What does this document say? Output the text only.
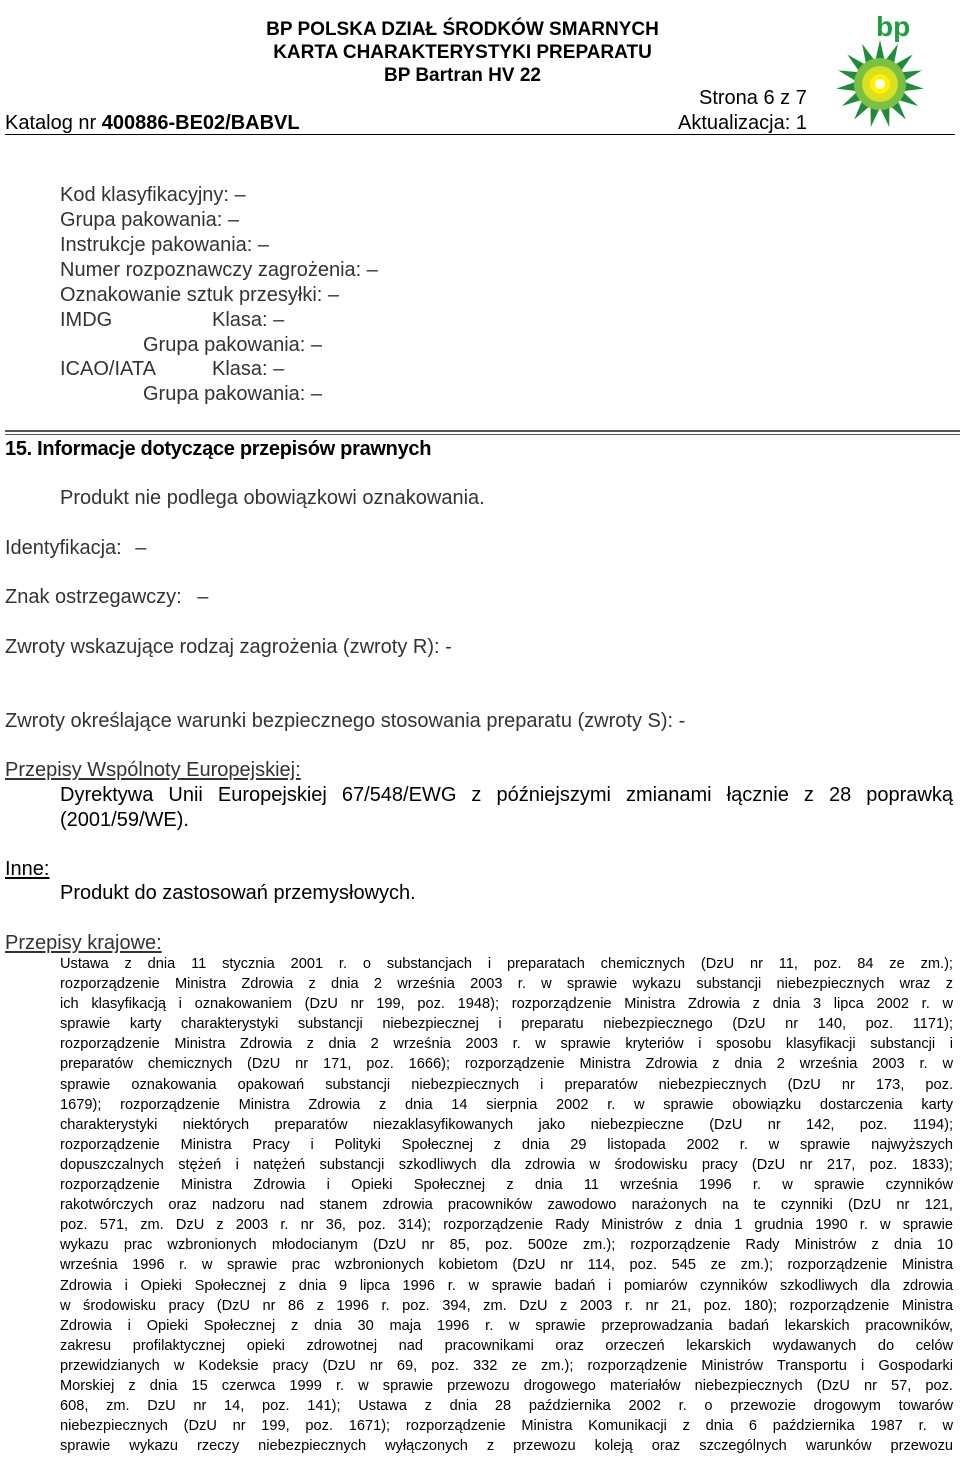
BP POLSKA DZIAŁ ŚRODKÓW SMARNYCH
KARTA CHARAKTERYSTYKI PREPARATU
BP Bartran HV 22
Strona 6 z 7
Katalog nr 400886-BE02/BABVL	Aktualizacja: 1
bp
Kod klasyfikacyjny: –
Grupa pakowania: –
Instrukcje pakowania: –
Numer rozpoznawczy zagrożenia: –
Oznakowanie sztuk przesyłki: –
IMDG	Klasa: –
Grupa pakowania: –
ICAO/IATA	Klasa: –
Grupa pakowania: –
15. Informacje dotyczące przepisów prawnych
Produkt nie podlega obowiązkowi oznakowania.
Identyfikacja: –
Znak ostrzegawczy: –
Zwroty wskazujące rodzaj zagrożenia (zwroty R): -
Zwroty określające warunki bezpiecznego stosowania preparatu (zwroty S): -
Przepisy Wspólnoty Europejskiej:
Dyrektywa Unii Europejskiej 67/548/EWG z późniejszymi zmianami łącznie z 28 poprawką
(2001/59/WE).
Inne:
Produkt do zastosowań przemysłowych.
Przepisy krajowe:
Ustawa z dnia 11 stycznia 2001 r. o substancjach i preparatach chemicznych (DzU nr 11, poz. 84 ze zm.);
rozporządzenie Ministra Zdrowia z dnia 2 września 2003 r. w sprawie wykazu substancji niebezpiecznych wraz z
ich klasyfikacją i oznakowaniem (DzU nr 199, poz. 1948); rozporządzenie Ministra Zdrowia z dnia 3 lipca 2002 r. w
sprawie karty charakterystyki substancji niebezpiecznej i preparatu niebezpiecznego (DzU nr 140, poz. 1171);
rozporządzenie Ministra Zdrowia z dnia 2 września 2003 r. w sprawie kryteriów i sposobu klasyfikacji substancji i
preparatów chemicznych (DzU nr 171, poz. 1666); rozporządzenie Ministra Zdrowia z dnia 2 września 2003 r. w
sprawie oznakowania opakowań substancji niebezpiecznych i preparatów niebezpiecznych (DzU nr 173, poz.
1679); rozporządzenie Ministra Zdrowia z dnia 14 sierpnia 2002 r. w sprawie obowiązku dostarczenia karty
charakterystyki niektórych preparatów niezaklasyfikowanych jako niebezpieczne (DzU nr 142, poz. 1194);
rozporządzenie Ministra Pracy i Polityki Społecznej z dnia 29 listopada 2002 r. w sprawie najwyższych
dopuszczalnych stężeń i natężeń substancji szkodliwych dla zdrowia w środowisku pracy (DzU nr 217, poz. 1833);
rozporządzenie Ministra Zdrowia i Opieki Społecznej z dnia 11 września 1996 r. w sprawie czynników
rakotwórczych oraz nadzoru nad stanem zdrowia pracowników zawodowo narażonych na te czynniki (DzU nr 121,
poz. 571, zm. DzU z 2003 r. nr 36, poz. 314); rozporządzenie Rady Ministrów z dnia 1 grudnia 1990 r. w sprawie
wykazu prac wzbronionych młodocianym (DzU nr 85, poz. 500ze zm.); rozporządzenie Rady Ministrów z dnia 10
września 1996 r. w sprawie prac wzbronionych kobietom (DzU nr 114, poz. 545 ze zm.); rozporządzenie Ministra
Zdrowia i Opieki Społecznej z dnia 9 lipca 1996 r. w sprawie badań i pomiarów czynników szkodliwych dla zdrowia
w środowisku pracy (DzU nr 86 z 1996 r. poz. 394, zm. DzU z 2003 r. nr 21, poz. 180); rozporządzenie Ministra
Zdrowia i Opieki Społecznej z dnia 30 maja 1996 r. w sprawie przeprowadzania badań lekarskich pracowników,
zakresu profilaktycznej opieki zdrowotnej nad pracownikami oraz orzeczeń lekarskich wydawanych do celów
przewidzianych w Kodeksie pracy (DzU nr 69, poz. 332 ze zm.); rozporządzenie Ministrów Transportu i Gospodarki
Morskiej z dnia 15 czerwca 1999 r. w sprawie przewozu drogowego materiałów niebezpiecznych (DzU nr 57, poz.
608, zm. DzU nr 14, poz. 141); Ustawa z dnia 28 października 2002 r. o przewozie drogowym towarów
niebezpiecznych (DzU nr 199, poz. 1671); rozporządzenie Ministra Komunikacji z dnia 6 października 1987 r. w
sprawie wykazu rzeczy niebezpiecznych wyłączonych z przewozu koleją oraz szczególnych warunków przewozu
